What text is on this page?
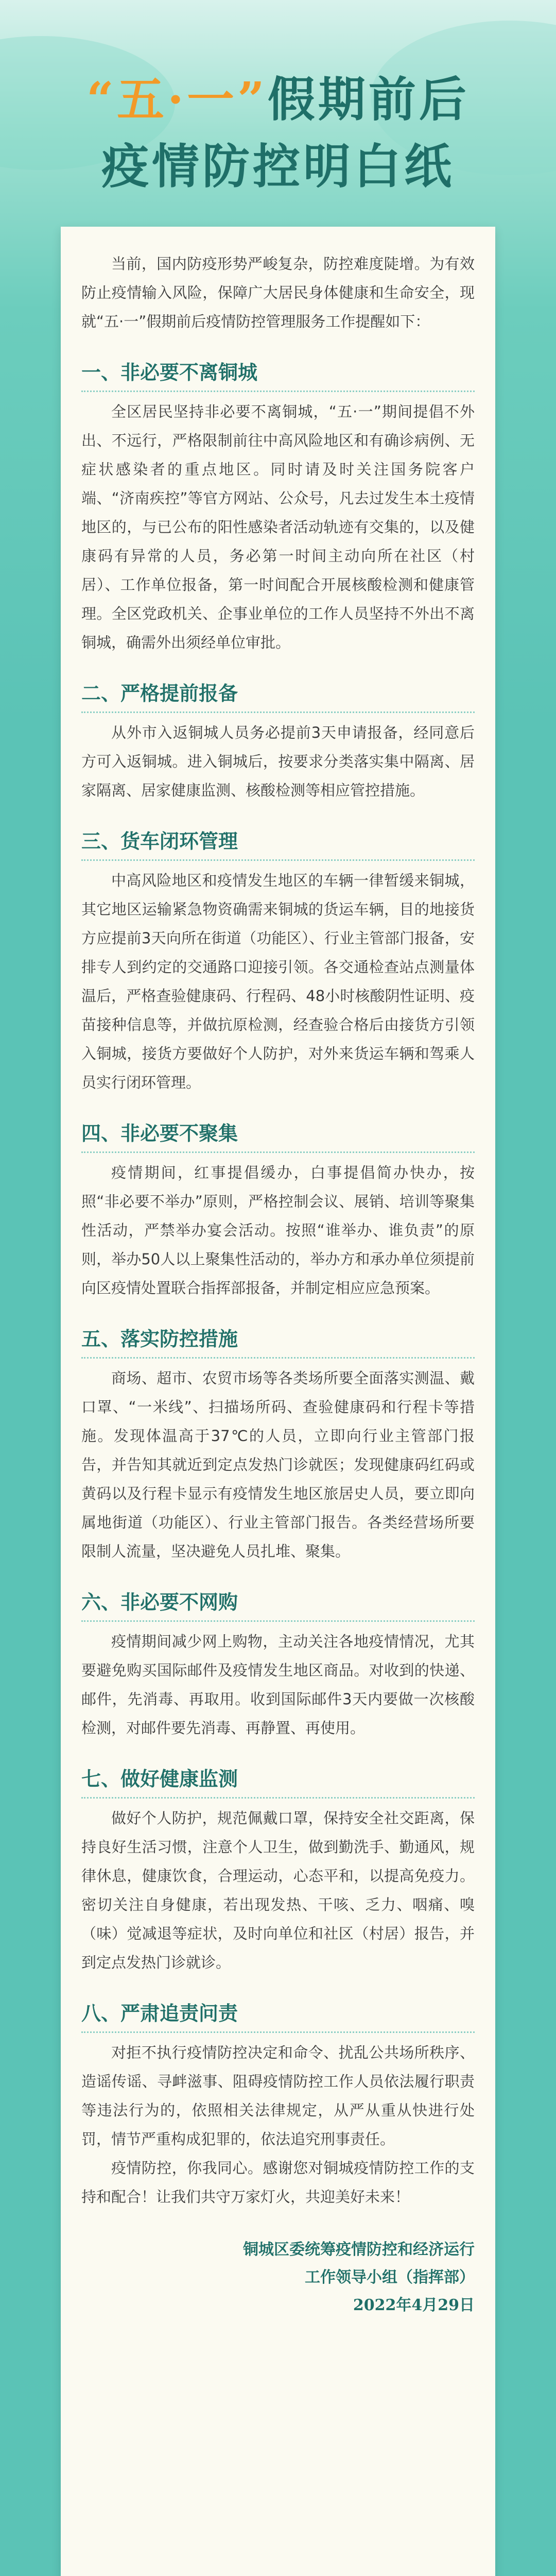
“五·一”假期前后
疫情防控明白纸

当前，国内防疫形势严峻复杂，防控难度陡增。为有效防止疫情输入风险，保障广大居民身体健康和生命安全，现就“五·一”假期前后疫情防控管理服务工作提醒如下：

一、非必要不离铜城

全区居民坚持非必要不离铜城，“五·一”期间提倡不外出、不远行，严格限制前往中高风险地区和有确诊病例、无症状感染者的重点地区。同时请及时关注国务院客户端、“济南疾控”等官方网站、公众号，凡去过发生本土疫情地区的，与已公布的阳性感染者活动轨迹有交集的，以及健康码有异常的人员，务必第一时间主动向所在社区（村居）、工作单位报备，第一时间配合开展核酸检测和健康管理。全区党政机关、企事业单位的工作人员坚持不外出不离铜城，确需外出须经单位审批。

二、严格提前报备

从外市入返铜城人员务必提前3天申请报备，经同意后方可入返铜城。进入铜城后，按要求分类落实集中隔离、居家隔离、居家健康监测、核酸检测等相应管控措施。

三、货车闭环管理

中高风险地区和疫情发生地区的车辆一律暂缓来铜城，其它地区运输紧急物资确需来铜城的货运车辆，目的地接货方应提前3天向所在街道（功能区）、行业主管部门报备，安排专人到约定的交通路口迎接引领。各交通检查站点测量体温后，严格查验健康码、行程码、48小时核酸阴性证明、疫苗接种信息等，并做抗原检测，经查验合格后由接货方引领入铜城，接货方要做好个人防护，对外来货运车辆和驾乘人员实行闭环管理。

四、非必要不聚集

疫情期间，红事提倡缓办，白事提倡简办快办，按照“非必要不举办”原则，严格控制会议、展销、培训等聚集性活动，严禁举办宴会活动。按照“谁举办、谁负责”的原则，举办50人以上聚集性活动的，举办方和承办单位须提前向区疫情处置联合指挥部报备，并制定相应应急预案。

五、落实防控措施

商场、超市、农贸市场等各类场所要全面落实测温、戴口罩、“一米线”、扫描场所码、查验健康码和行程卡等措施。发现体温高于37℃的人员，立即向行业主管部门报告，并告知其就近到定点发热门诊就医；发现健康码红码或黄码以及行程卡显示有疫情发生地区旅居史人员，要立即向属地街道（功能区）、行业主管部门报告。各类经营场所要限制人流量，坚决避免人员扎堆、聚集。

六、非必要不网购

疫情期间减少网上购物，主动关注各地疫情情况，尤其要避免购买国际邮件及疫情发生地区商品。对收到的快递、邮件，先消毒、再取用。收到国际邮件3天内要做一次核酸检测，对邮件要先消毒、再静置、再使用。

七、做好健康监测

做好个人防护，规范佩戴口罩，保持安全社交距离，保持良好生活习惯，注意个人卫生，做到勤洗手、勤通风，规律休息，健康饮食，合理运动，心态平和，以提高免疫力。密切关注自身健康，若出现发热、干咳、乏力、咽痛、嗅（味）觉减退等症状，及时向单位和社区（村居）报告，并到定点发热门诊就诊。

八、严肃追责问责

对拒不执行疫情防控决定和命令、扰乱公共场所秩序、造谣传谣、寻衅滋事、阻碍疫情防控工作人员依法履行职责等违法行为的，依照相关法律规定，从严从重从快进行处罚，情节严重构成犯罪的，依法追究刑事责任。

疫情防控，你我同心。感谢您对铜城疫情防控工作的支持和配合！让我们共守万家灯火，共迎美好未来！

铜城区委统筹疫情防控和经济运行
工作领导小组（指挥部）
2022年4月29日
